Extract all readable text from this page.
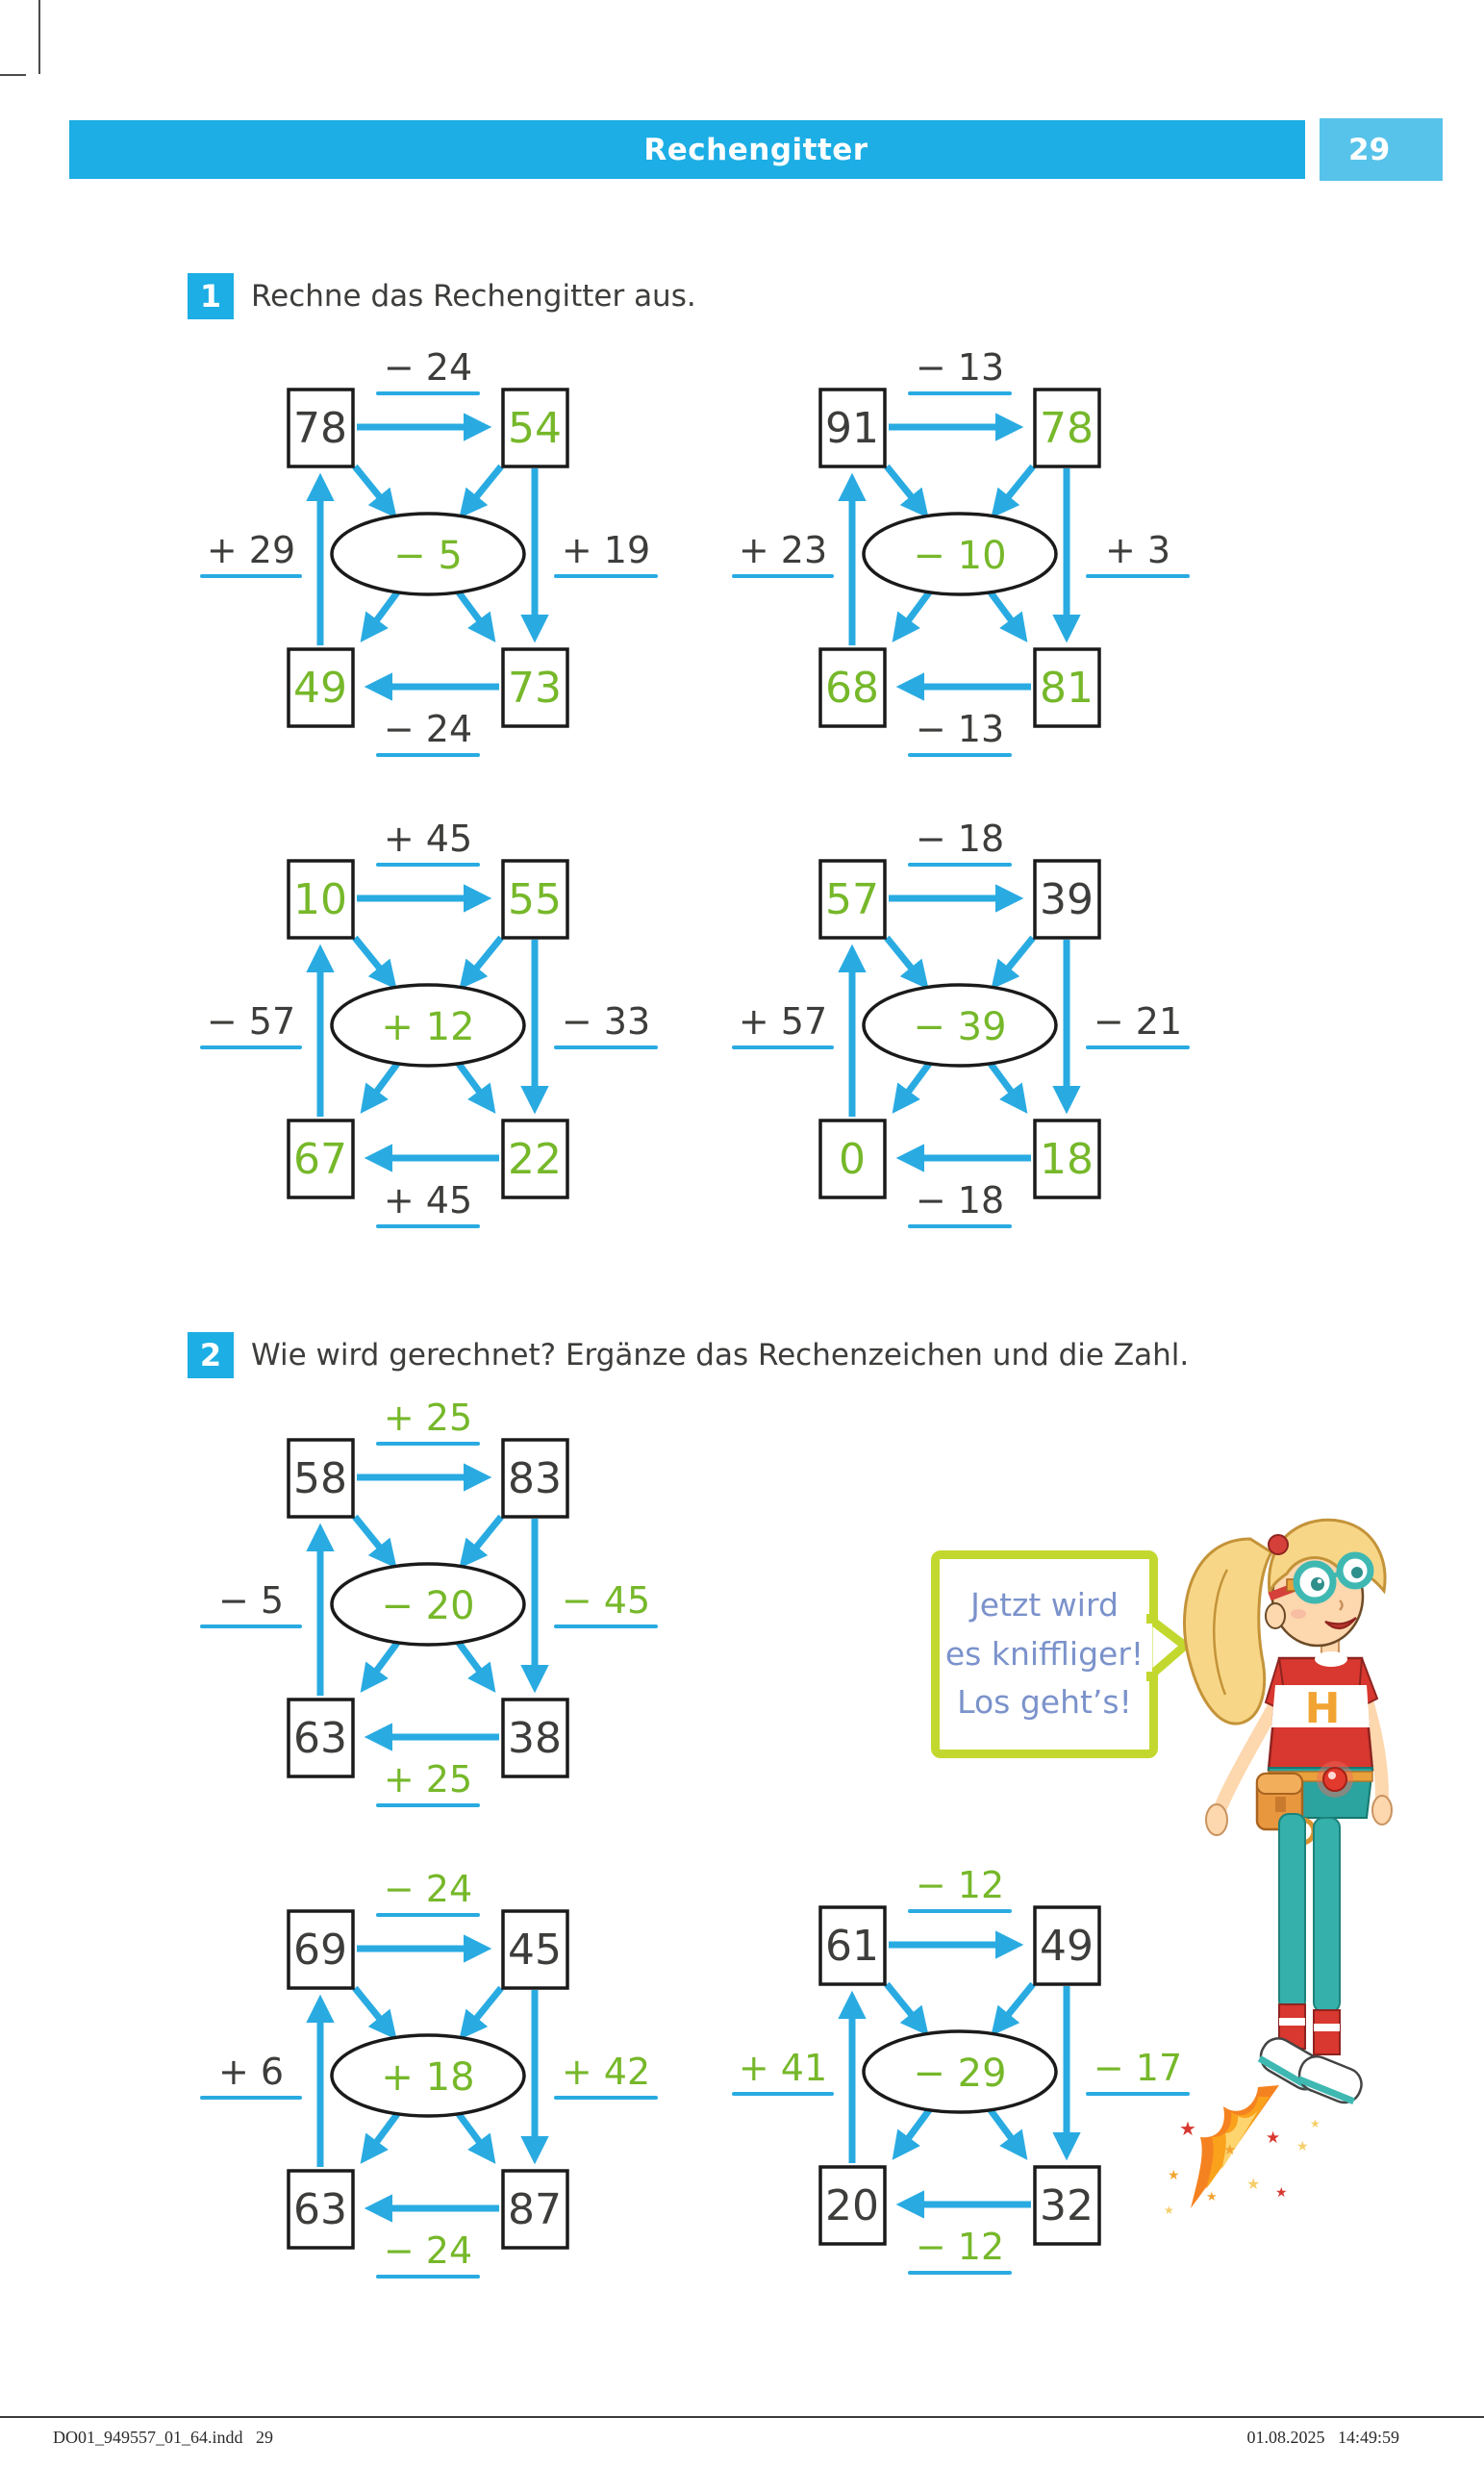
29
Rechengitter
1 Rechne das Rechengitter aus.
2 Wie wird gerechnet? Ergänze das Rechenzeichen und die Zahl.
78	54
49	73
− 24
+ 29	+ 19
− 24
− 5
91	78
68	81
− 13
+ 23	+ 3
− 13
− 10
10	55
67	22
+ 45
− 57	− 33
+ 45
+ 12
57	39
0	18
− 18
+ 57	− 21
− 18
− 39
58	83
63	38
+ 25
− 5	− 45
+ 25
− 20
69	45
63	87
− 24
+ 6	+ 42
− 24
+ 18
61	49
20	32
− 12
+ 41	− 17
− 12
− 29
Jetzt wird
es kniffliger!
Los gehtʼs!	H
★
★
★
★ ★
★
★
★
★
★
DO01_949557_01_64.indd   29	01.08.2025   14:49:59
